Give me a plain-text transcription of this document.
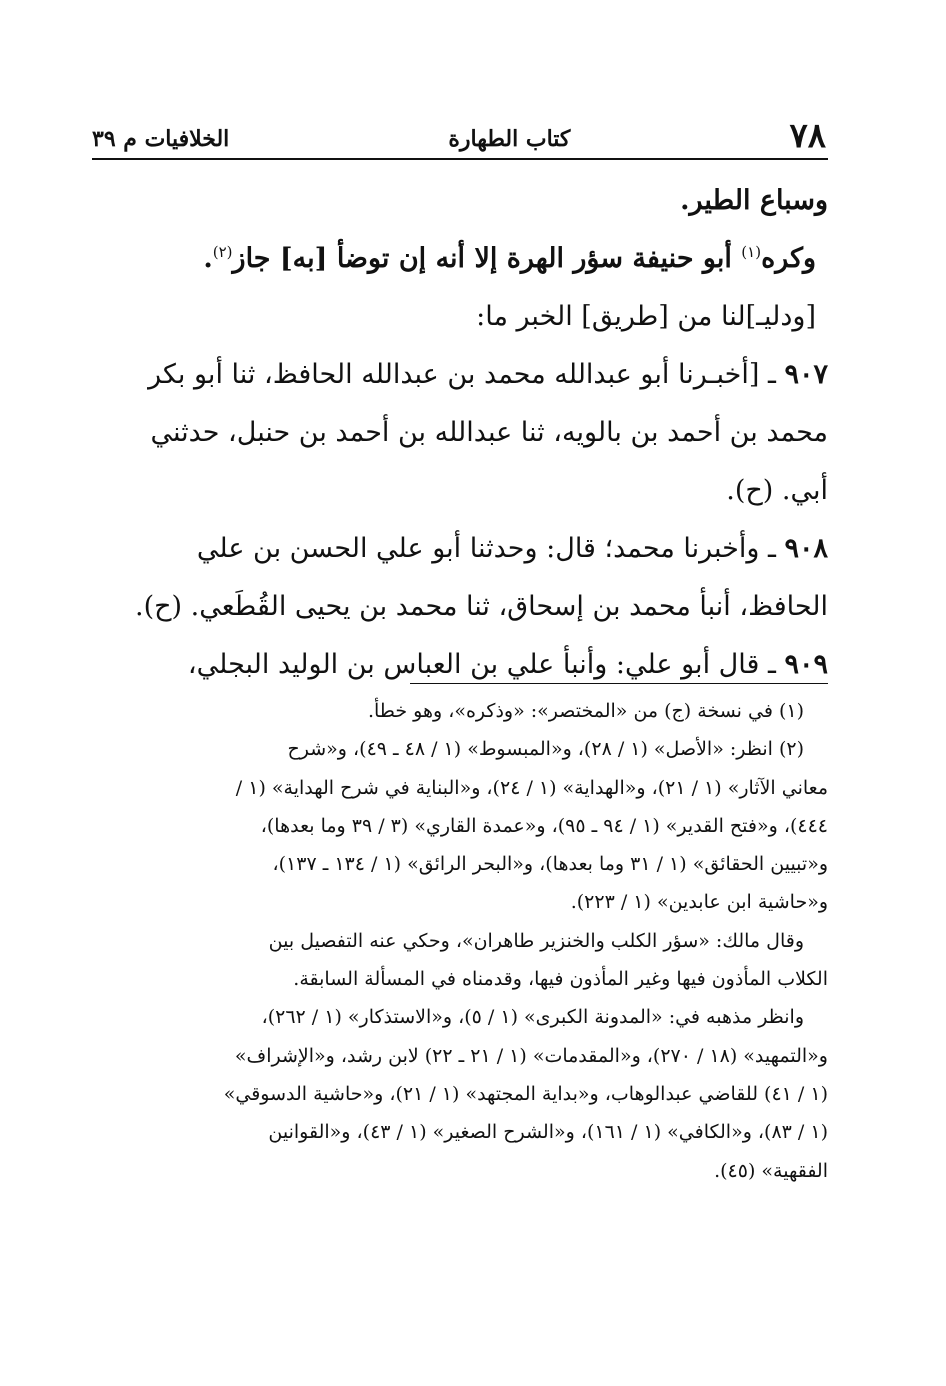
الخلافيات م ٣٩	كتاب الطهارة	٧٨
وسباع الطير.
وكره$^{(١)}$ أبو حنيفة سؤر الهرة إلا أنه إن توضأ [به] جاز$^{(٢)}$.
[ودليـ]لنا من [طريق] الخبر ما:
٩٠٧ ـ [أخبـرنا أبو عبدالله محمد بن عبدالله الحافظ، ثنا أبو بكر
محمد بن أحمد بن بالويه، ثنا عبدالله بن أحمد بن حنبل، حدثني
أبي. (ح).
٩٠٨ ـ وأخبرنا محمد؛ قال: وحدثنا أبو علي الحسن بن علي
الحافظ، أنبأ محمد بن إسحاق، ثنا محمد بن يحيى القُطَعي. (ح).
٩٠٩ ـ قال أبو علي: وأنبأ علي بن العباس بن الوليد البجلي،
(١) في نسخة (ج) من «المختصر»: «وذكره»، وهو خطأ.
(٢) انظر: «الأصل» (١ / ٢٨)، و«المبسوط» (١ / ٤٨ ـ ٤٩)، و«شرح
معاني الآثار» (١ / ٢١)، و«الهداية» (١ / ٢٤)، و«البناية في شرح الهداية» (١ /
٤٤٤)، و«فتح القدير» (١ / ٩٤ ـ ٩٥)، و«عمدة القاري» (٣ / ٣٩ وما بعدها)،
و«تبيين الحقائق» (١ / ٣١ وما بعدها)، و«البحر الرائق» (١ / ١٣٤ ـ ١٣٧)،
و«حاشية ابن عابدين» (١ / ٢٢٣).
وقال مالك: «سؤر الكلب والخنزير طاهران»، وحكي عنه التفصيل بين
الكلاب المأذون فيها وغير المأذون فيها، وقدمناه في المسألة السابقة.
وانظر مذهبه في: «المدونة الكبرى» (١ / ٥)، و«الاستذكار» (١ / ٢٦٢)،
و«التمهيد» (١٨ / ٢٧٠)، و«المقدمات» (١ / ٢١ ـ ٢٢) لابن رشد، و«الإشراف»
(١ / ٤١) للقاضي عبدالوهاب، و«بداية المجتهد» (١ / ٢١)، و«حاشية الدسوقي»
(١ / ٨٣)، و«الكافي» (١ / ١٦١)، و«الشرح الصغير» (١ / ٤٣)، و«القوانين
الفقهية» (٤٥).
